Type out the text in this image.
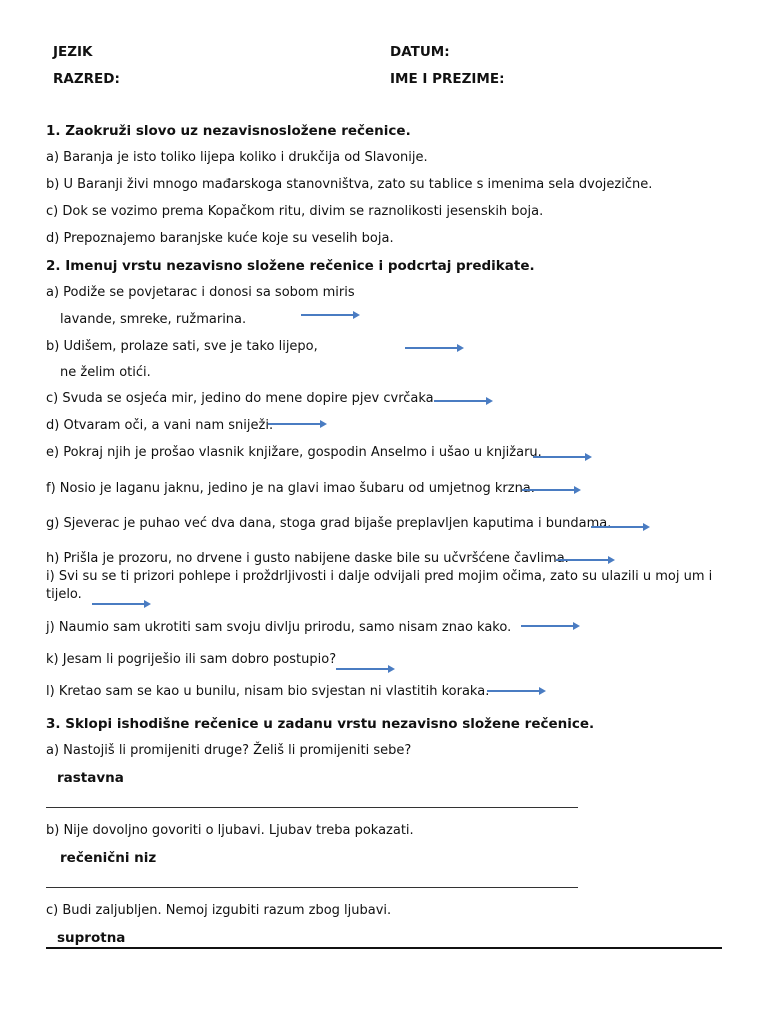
JEZIK	DATUM:
RAZRED:	IME I PREZIME:
1. Zaokruži slovo uz nezavisnosložene rečenice.
a) Baranja je isto toliko lijepa koliko i drukčija od Slavonije.
b) U Baranji živi mnogo mađarskoga stanovništva, zato su tablice s imenima sela dvojezične.
c) Dok se vozimo prema Kopačkom ritu, divim se raznolikosti jesenskih boja.
d) Prepoznajemo baranjske kuće koje su veselih boja.
2. Imenuj vrstu nezavisno složene rečenice i podcrtaj predikate.
a) Podiže se povjetarac i donosi sa sobom miris
lavande, smreke, ružmarina.
b) Udišem, prolaze sati, sve je tako lijepo,
ne želim otići.
c) Svuda se osjeća mir, jedino do mene dopire pjev cvrčaka.
d) Otvaram oči, a vani nam sniježi.
e) Pokraj njih je prošao vlasnik knjižare, gospodin Anselmo i ušao u knjižaru.
f) Nosio je laganu jaknu, jedino je na glavi imao šubaru od umjetnog krzna.
g) Sjeverac je puhao već dva dana, stoga grad bijaše preplavljen kaputima i bundama.
h) Prišla je prozoru, no drvene i gusto nabijene daske bile su učvršćene čavlima.
i) Svi su se ti prizori pohlepe i proždrljivosti i dalje odvijali pred mojim očima, zato su ulazili u moj um i
tijelo.
j) Naumio sam ukrotiti sam svoju divlju prirodu, samo nisam znao kako.
k) Jesam li pogriješio ili sam dobro postupio?
l) Kretao sam se kao u bunilu, nisam bio svjestan ni vlastitih koraka.
3. Sklopi ishodišne rečenice u zadanu vrstu nezavisno složene rečenice.
a) Nastojiš li promijeniti druge? Želiš li promijeniti sebe?
rastavna
b) Nije dovoljno govoriti o ljubavi. Ljubav treba pokazati.
rečenični niz
c) Budi zaljubljen. Nemoj izgubiti razum zbog ljubavi.
suprotna
